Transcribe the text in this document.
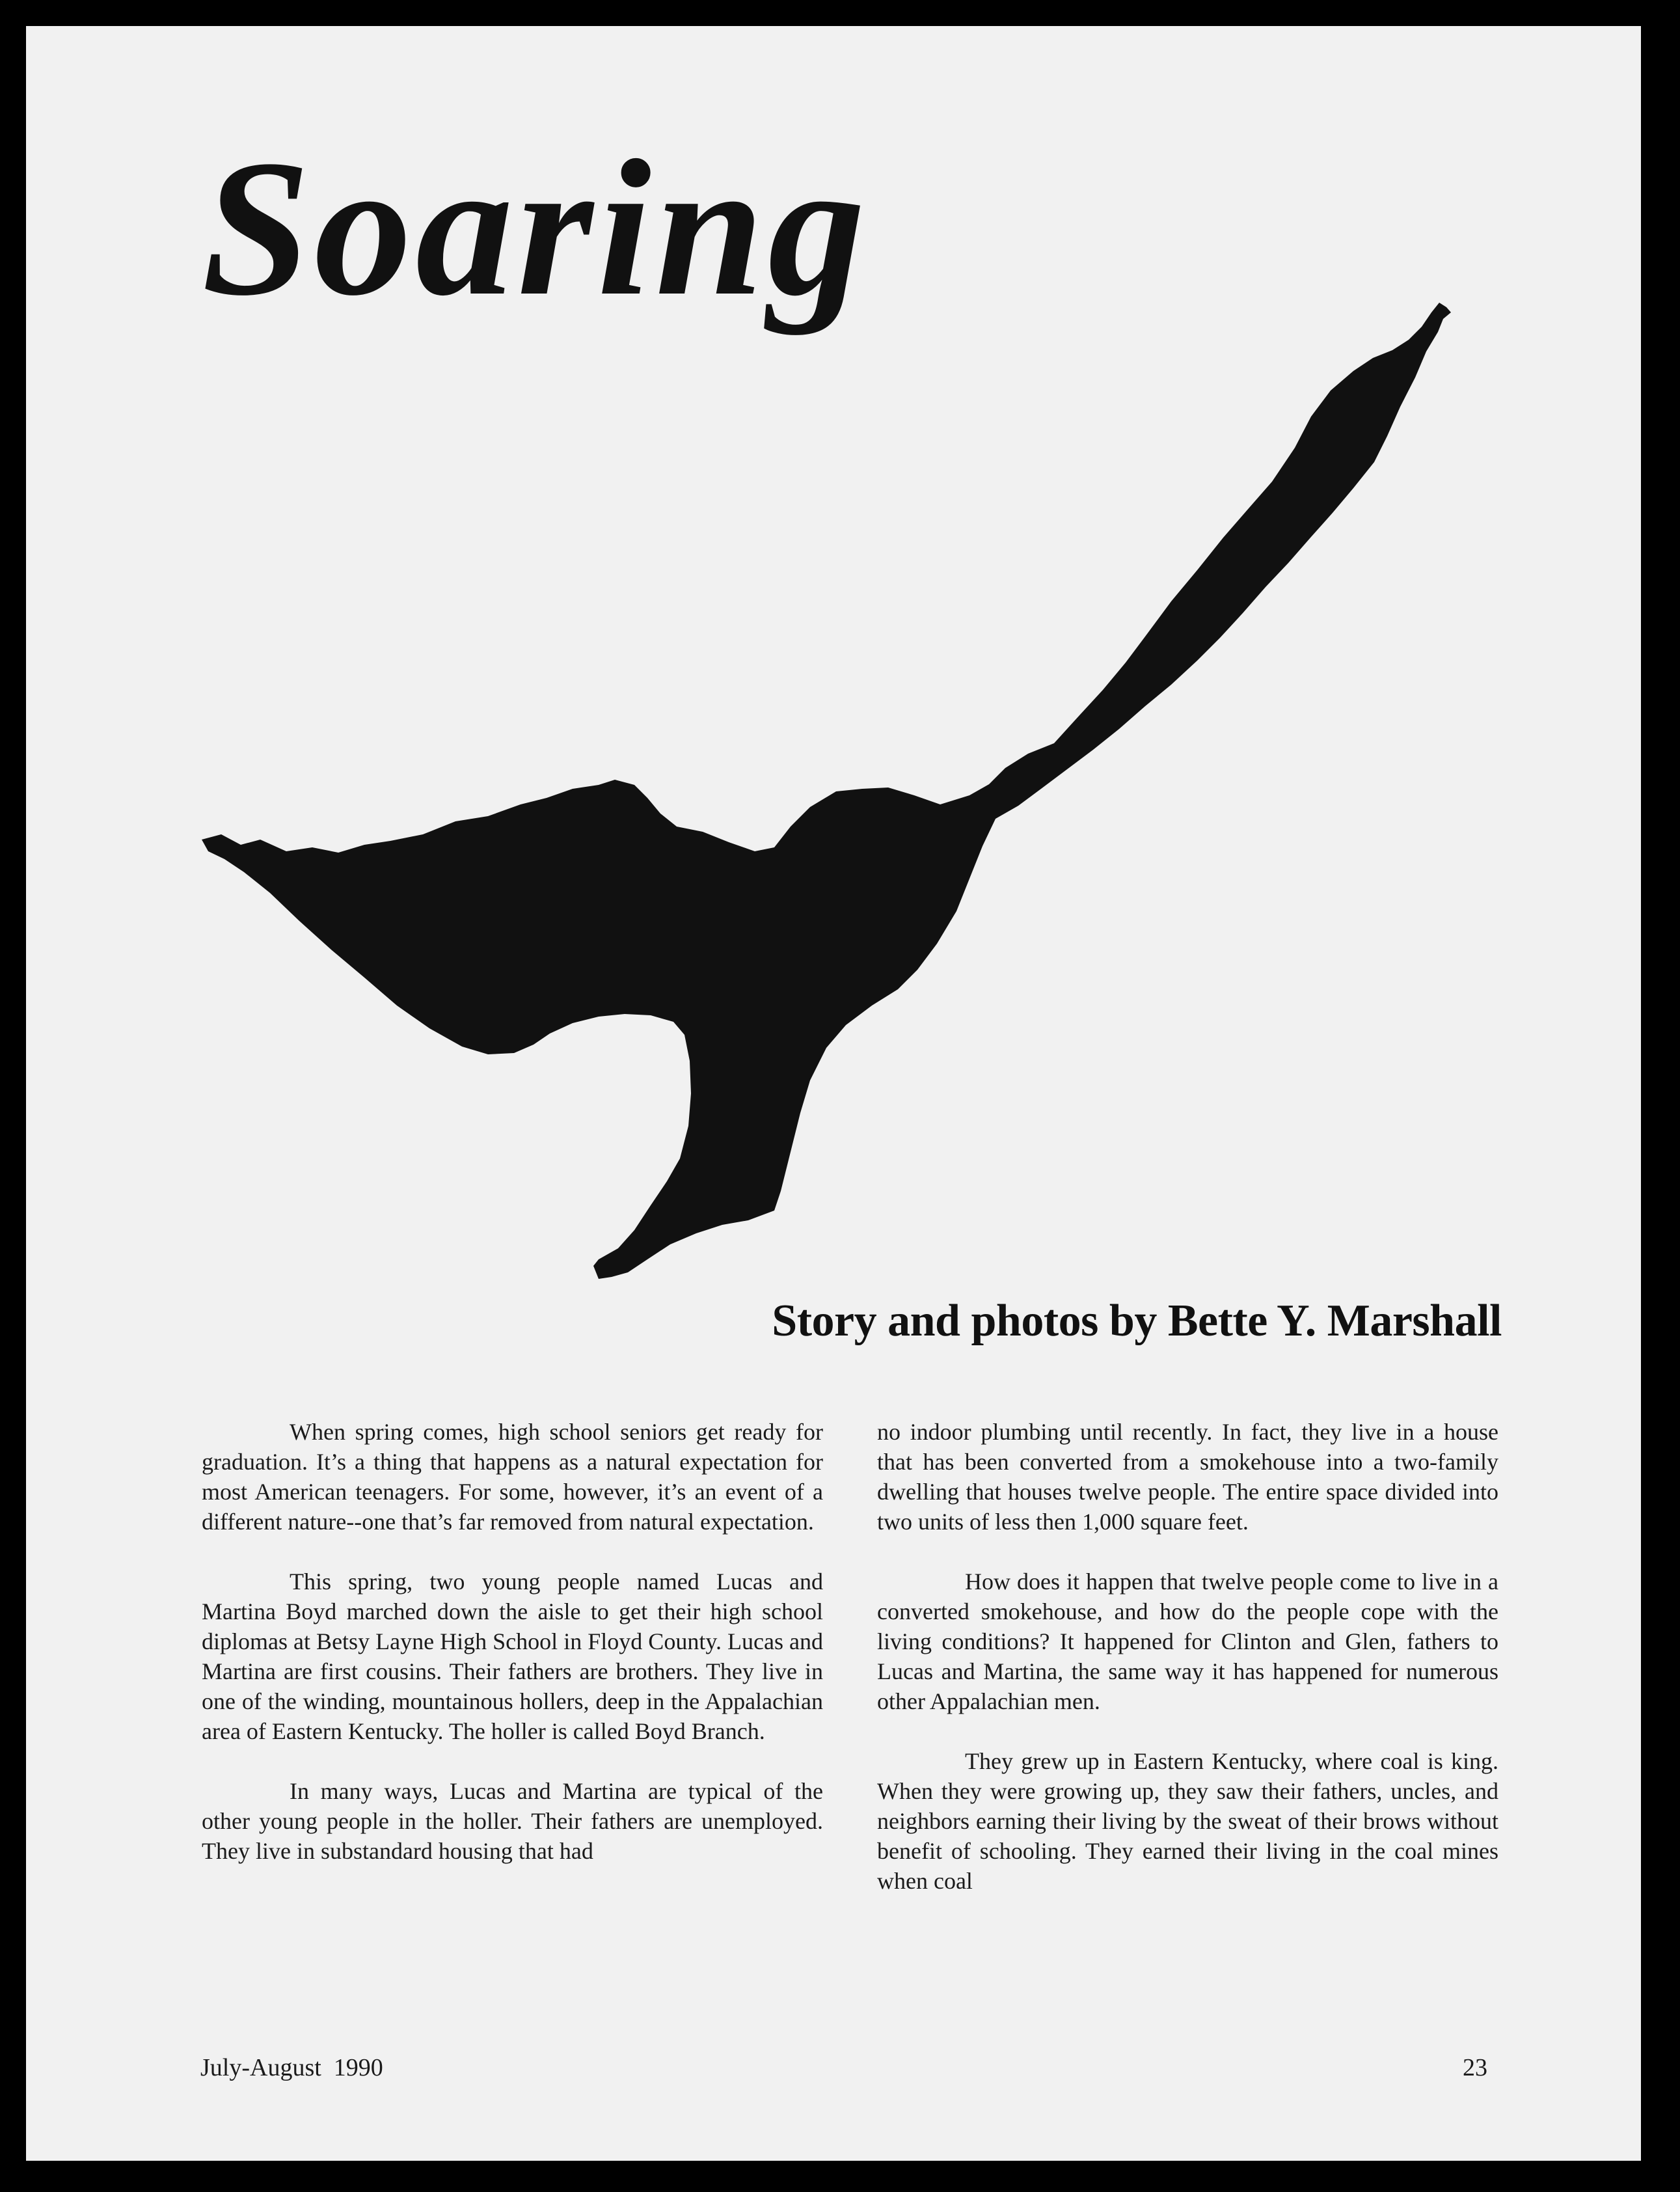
Soaring
Story and photos by Bette Y. Marshall

When spring comes, high school seniors get ready for graduation. It’s a thing that happens as a natural expectation for most American teenagers. For some, however, it’s an event of a different nature--one that’s far removed from natural expectation.

This spring, two young people named Lucas and Martina Boyd marched down the aisle to get their high school diplomas at Betsy Layne High School in Floyd County. Lucas and Martina are first cousins. Their fathers are brothers. They live in one of the winding, mountainous hollers, deep in the Appalachian area of Eastern Kentucky. The holler is called Boyd Branch.

In many ways, Lucas and Martina are typical of the other young people in the holler. Their fathers are unemployed. They live in substandard housing that had

no indoor plumbing until recently. In fact, they live in a house that has been converted from a smokehouse into a two-family dwelling that houses twelve people. The entire space divided into two units of less then 1,000 square feet.

How does it happen that twelve people come to live in a converted smokehouse, and how do the people cope with the living conditions? It happened for Clinton and Glen, fathers to Lucas and Martina, the same way it has happened for numerous other Appalachian men.

They grew up in Eastern Kentucky, where coal is king. When they were growing up, they saw their fathers, uncles, and neighbors earning their living by the sweat of their brows without benefit of schooling. They earned their living in the coal mines when coal

July-August  1990	23
